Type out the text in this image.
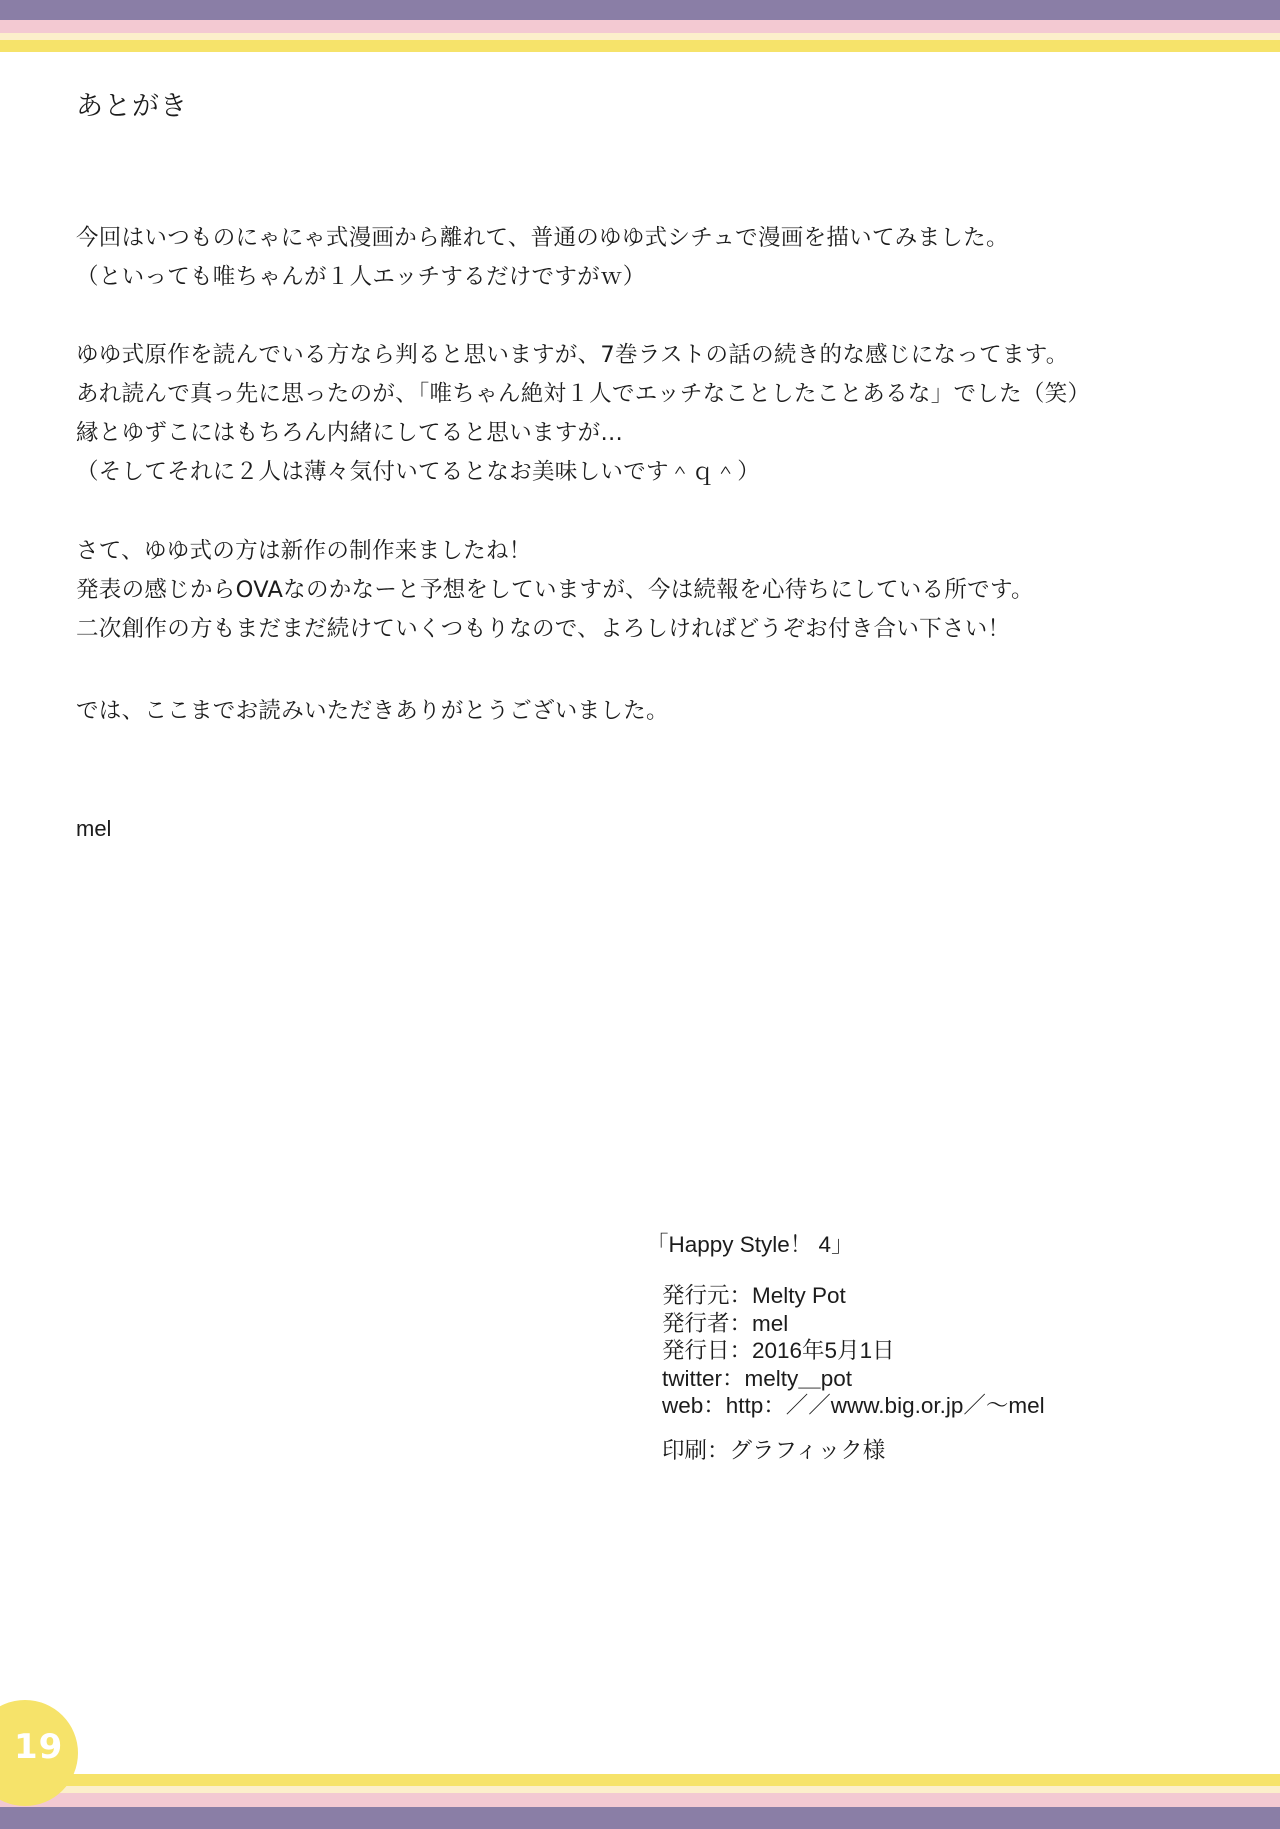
あとがき

今回はいつものにゃにゃ式漫画から離れて、普通のゆゆ式シチュで漫画を描いてみました。
（といっても唯ちゃんが１人エッチするだけですがｗ）

ゆゆ式原作を読んでいる方なら判ると思いますが、7巻ラストの話の続き的な感じになってます。
あれ読んで真っ先に思ったのが、「唯ちゃん絶対１人でエッチなことしたことあるな」でした（笑）
縁とゆずこにはもちろん内緒にしてると思いますが…
（そしてそれに２人は薄々気付いてるとなお美味しいです＾ｑ＾）

さて、ゆゆ式の方は新作の制作来ましたね！
発表の感じからOVAなのかなーと予想をしていますが、今は続報を心待ちにしている所です。
二次創作の方もまだまだ続けていくつもりなので、よろしければどうぞお付き合い下さい！

では、ここまでお読みいただきありがとうございました。

mel
「Happy Style！ 4」
発行元：Melty Pot
発行者：mel
発行日：2016年5月1日
twitter：melty＿pot
web：http：／／www.big.or.jp／～mel
印刷：グラフィック様
19
